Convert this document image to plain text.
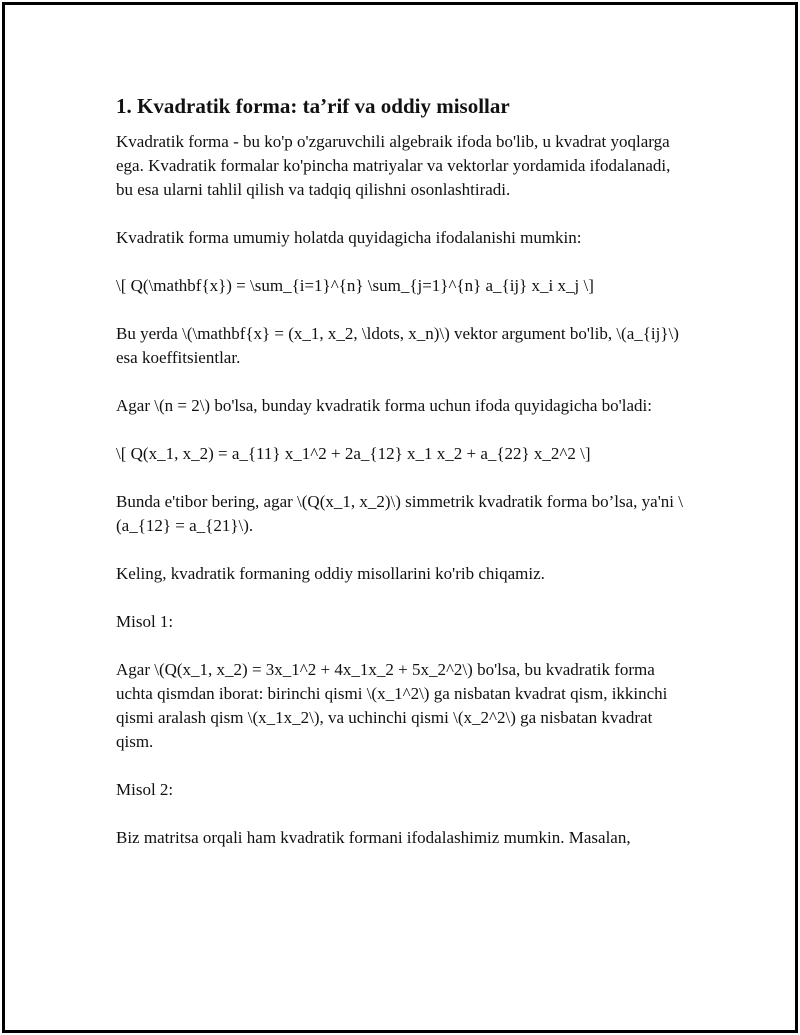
1. Kvadratik forma: ta’rif va oddiy misollar

Kvadratik forma - bu ko'p o'zgaruvchili algebraik ifoda bo'lib, u kvadrat yoqlarga ega. Kvadratik formalar ko'pincha matriyalar va vektorlar yordamida ifodalanadi, bu esa ularni tahlil qilish va tadqiq qilishni osonlashtiradi.

Kvadratik forma umumiy holatda quyidagicha ifodalanishi mumkin:

\[ Q(\mathbf{x}) = \sum_{i=1}^{n} \sum_{j=1}^{n} a_{ij} x_i x_j \]

Bu yerda \(\mathbf{x} = (x_1, x_2, \ldots, x_n)\) vektor argument bo'lib, \(a_{ij}\) esa koeffitsientlar.

Agar \(n = 2\) bo'lsa, bunday kvadratik forma uchun ifoda quyidagicha bo'ladi:

\[ Q(x_1, x_2) = a_{11} x_1^2 + 2a_{12} x_1 x_2 + a_{22} x_2^2 \]

Bunda e'tibor bering, agar \(Q(x_1, x_2)\) simmetrik kvadratik forma bo’lsa, ya'ni \(a_{12} = a_{21}\).

Keling, kvadratik formaning oddiy misollarini ko'rib chiqamiz.

Misol 1:

Agar \(Q(x_1, x_2) = 3x_1^2 + 4x_1x_2 + 5x_2^2\) bo'lsa, bu kvadratik forma uchta qismdan iborat: birinchi qismi \(x_1^2\) ga nisbatan kvadrat qism, ikkinchi qismi aralash qism \(x_1x_2\), va uchinchi qismi \(x_2^2\) ga nisbatan kvadrat qism.

Misol 2:

Biz matritsa orqali ham kvadratik formani ifodalashimiz mumkin. Masalan,
